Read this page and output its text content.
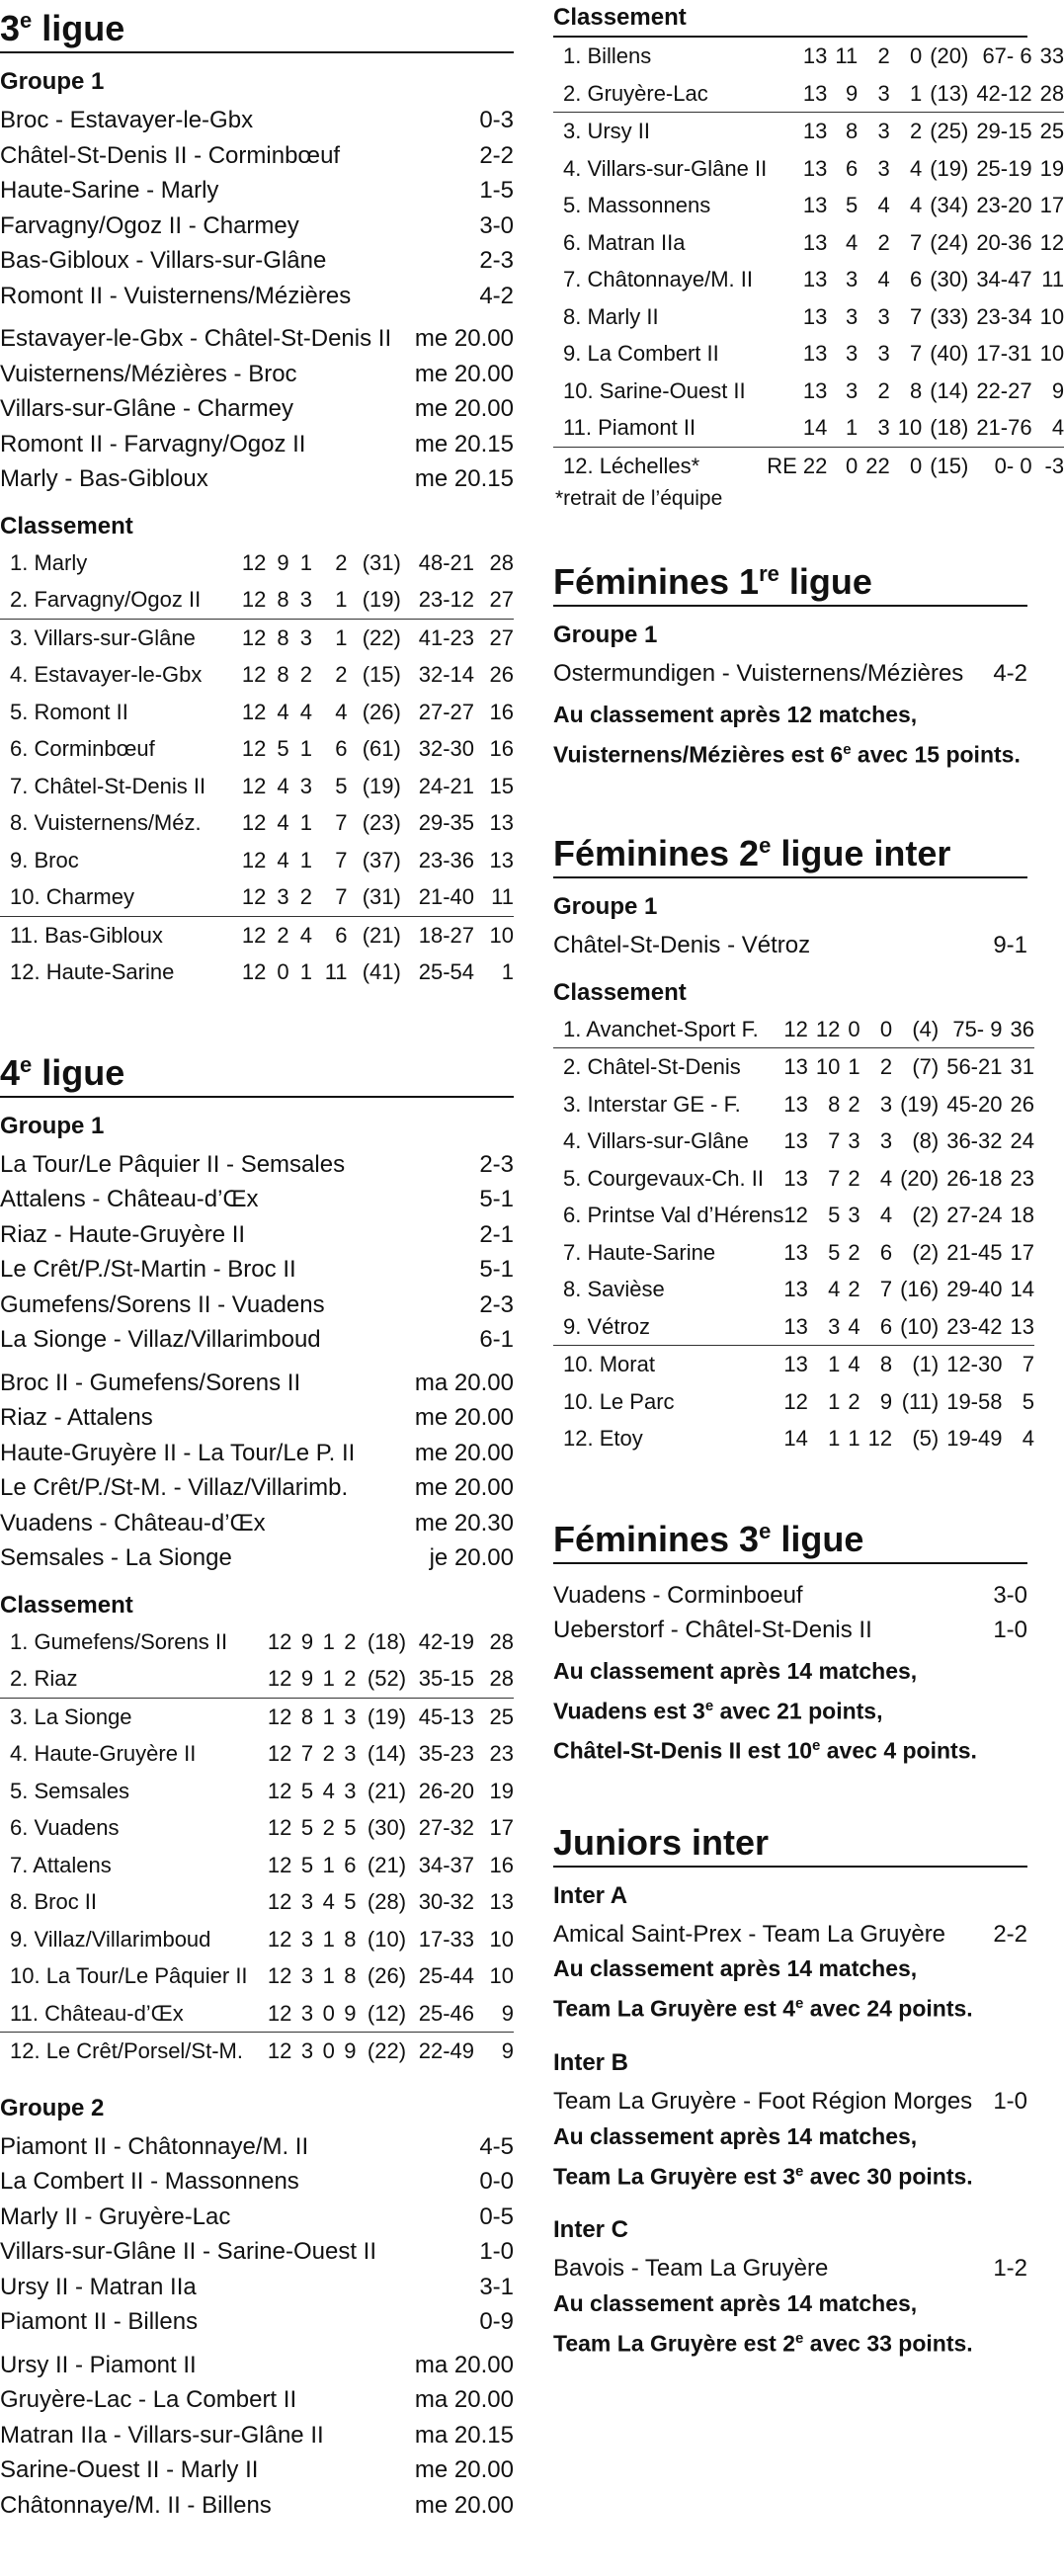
3e ligue
Groupe 1
Broc - Estavayer-le-Gbx	0-3
Châtel-St-Denis II - Corminbœuf	2-2
Haute-Sarine - Marly	1-5
Farvagny/Ogoz II - Charmey	3-0
Bas-Gibloux - Villars-sur-Glâne	2-3
Romont II - Vuisternens/Mézières	4-2
Estavayer-le-Gbx - Châtel-St-Denis II me 20.00
Vuisternens/Mézières - Broc	me 20.00
Villars-sur-Glâne - Charmey	me 20.00
Romont II - Farvagny/Ogoz II	me 20.15
Marly - Bas-Gibloux	me 20.15
Classement
1. Marly	12	9	1	2	(31)	48-21	28
2. Farvagny/Ogoz II	12	8	3	1	(19)	23-12	27
3. Villars-sur-Glâne	12	8	3	1	(22)	41-23	27
4. Estavayer-le-Gbx	12	8	2	2	(15)	32-14	26
5. Romont II	12	4	4	4	(26)	27-27	16
6. Corminbœuf	12	5	1	6	(61)	32-30	16
7. Châtel-St-Denis II	12	4	3	5	(19)	24-21	15
8. Vuisternens/Méz.	12	4	1	7	(23)	29-35	13
9. Broc	12	4	1	7	(37)	23-36	13
10. Charmey	12	3	2	7	(31)	21-40	11
11. Bas-Gibloux	12	2	4	6	(21)	18-27	10
12. Haute-Sarine	12	0	1	11	(41)	25-54	1
4e ligue
Groupe 1
La Tour/Le Pâquier II - Semsales	2-3
Attalens - Château-d’Œx	5-1
Riaz - Haute-Gruyère II	2-1
Le Crêt/P./St-Martin - Broc II	5-1
Gumefens/Sorens II - Vuadens	2-3
La Sionge - Villaz/Villarimboud	6-1
Broc II - Gumefens/Sorens II	ma 20.00
Riaz - Attalens	me 20.00
Haute-Gruyère II - La Tour/Le P. II	me 20.00
Le Crêt/P./St-M. - Villaz/Villarimb.	me 20.00
Vuadens - Château-d’Œx	me 20.30
Semsales - La Sionge	je 20.00
Classement
1. Gumefens/Sorens II	12	9	1	2	(18)	42-19	28
2. Riaz	12	9	1	2	(52)	35-15	28
3. La Sionge	12	8	1	3	(19)	45-13	25
4. Haute-Gruyère II	12	7	2	3	(14)	35-23	23
5. Semsales	12	5	4	3	(21)	26-20	19
6. Vuadens	12	5	2	5	(30)	27-32	17
7. Attalens	12	5	1	6	(21)	34-37	16
8. Broc II	12	3	4	5	(28)	30-32	13
9. Villaz/Villarimboud	12	3	1	8	(10)	17-33	10
10. La Tour/Le Pâquier II	12	3	1	8	(26)	25-44	10
11. Château-d’Œx	12	3	0	9	(12)	25-46	9
12. Le Crêt/Porsel/St-M.	12	3	0	9	(22)	22-49	9
Groupe 2
Piamont II - Châtonnaye/M. II	4-5
La Combert II - Massonnens	0-0
Marly II - Gruyère-Lac	0-5
Villars-sur-Glâne II - Sarine-Ouest II	1-0
Ursy II - Matran IIa	3-1
Piamont II - Billens	0-9
Ursy II - Piamont II	ma 20.00
Gruyère-Lac - La Combert II	ma 20.00
Matran IIa - Villars-sur-Glâne II	ma 20.15
Sarine-Ouest II - Marly II	me 20.00
Châtonnaye/M. II - Billens	me 20.00
Classement
1. Billens	13	11	2	0	(20)	67- 6	33
2. Gruyère-Lac	13	9	3	1	(13)	42-12	28
3. Ursy II	13	8	3	2	(25)	29-15	25
4. Villars-sur-Glâne II	13	6	3	4	(19)	25-19	19
5. Massonnens	13	5	4	4	(34)	23-20	17
6. Matran IIa	13	4	2	7	(24)	20-36	12
7. Châtonnaye/M. II	13	3	4	6	(30)	34-47	11
8. Marly II	13	3	3	7	(33)	23-34	10
9. La Combert II	13	3	3	7	(40)	17-31	10
10. Sarine-Ouest II	13	3	2	8	(14)	22-27	9
11. Piamont II	14	1	3	10	(18)	21-76	4
12. Léchelles*	RE 22	0	22	0	(15)	0- 0	-3
*retrait de l’équipe
Féminines 1re ligue
Groupe 1
Ostermundigen - Vuisternens/Mézières 4-2
Au classement après 12 matches,
Vuisternens/Mézières est 6e avec 15 points.
Féminines 2e ligue inter
Groupe 1
Châtel-St-Denis - Vétroz	9-1
Classement
1. Avanchet-Sport F.	12	12	0	0	(4)	75- 9	36
2. Châtel-St-Denis	13	10	1	2	(7)	56-21	31
3. Interstar GE - F.	13	8	2	3	(19)	45-20	26
4. Villars-sur-Glâne	13	7	3	3	(8)	36-32	24
5. Courgevaux-Ch. II	13	7	2	4	(20)	26-18	23
6. Printse Val d’Hérens	12	5	3	4	(2)	27-24	18
7. Haute-Sarine	13	5	2	6	(2)	21-45	17
8. Savièse	13	4	2	7	(16)	29-40	14
9. Vétroz	13	3	4	6	(10)	23-42	13
10. Morat	13	1	4	8	(1)	12-30	7
10. Le Parc	12	1	2	9	(11)	19-58	5
12. Etoy	14	1	1	12	(5)	19-49	4
Féminines 3e ligue
Vuadens - Corminboeuf	3-0
Ueberstorf - Châtel-St-Denis II	1-0
Au classement après 14 matches,
Vuadens est 3e avec 21 points,
Châtel-St-Denis II est 10e avec 4 points.
Juniors inter
Inter A
Amical Saint-Prex - Team La Gruyère 2-2
Au classement après 14 matches,
Team La Gruyère est 4e avec 24 points.
Inter B
Team La Gruyère - Foot Région Morges 1-0
Au classement après 14 matches,
Team La Gruyère est 3e avec 30 points.
Inter C
Bavois - Team La Gruyère	1-2
Au classement après 14 matches,
Team La Gruyère est 2e avec 33 points.
